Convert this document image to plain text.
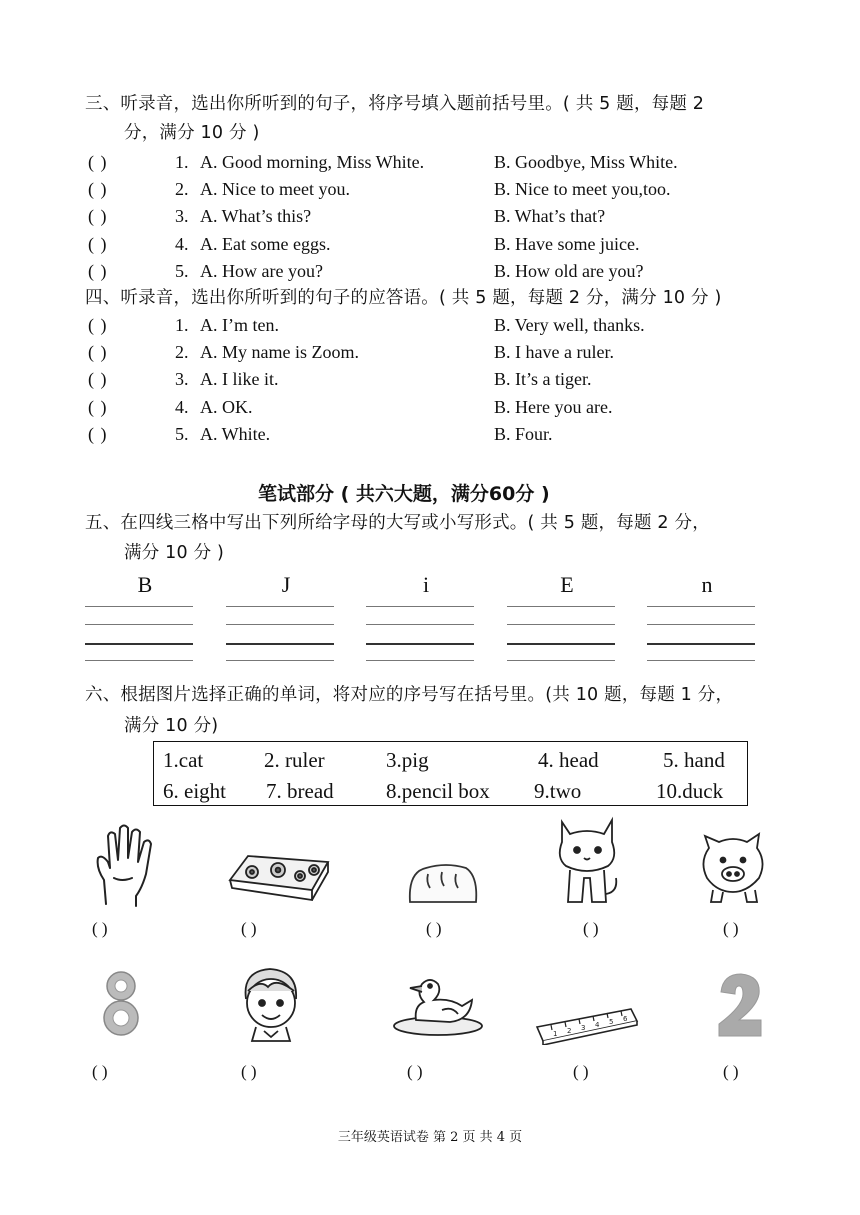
三、听录音，选出你所听到的句子，将序号填入题前括号里。( 共 5 题，每题 2
分，满分 10 分 )
( )	1. A. Good morning, Miss White.	B. Goodbye, Miss White.
( )	2. A. Nice to meet you.	B. Nice to meet you,too.
( )	3. A. What’s this?	B. What’s that?
( )	4. A. Eat some eggs.	B. Have some juice.
( )	5. A. How are you?	B. How old are you?
四、听录音，选出你所听到的句子的应答语。( 共 5 题，每题 2 分，满分 10 分 )
( )	1. A. I’m ten.	B. Very well, thanks.
( )	2. A. My name is Zoom.	B. I have a ruler.
( )	3. A. I like it.	B. It’s a tiger.
( )	4. A. OK.	B. Here you are.
( )	5. A. White.	B. Four.
笔试部分 ( 共六大题，满分60分 )
五、在四线三格中写出下列所给字母的大写或小写形式。( 共 5 题，每题 2 分，
满分 10 分 )
B	J	i	E	n
六、根据图片选择正确的单词，将对应的序号写在括号里。(共 10 题，每题 1 分，
满分 10 分)
1.cat	2. ruler	3.pig	4. head	5. hand
6. eight 7. bread 8.pencil box 9.two	10.duck
1 2 3 4 5 6
( )	( )	( )	( )	( )
( )	( )	( )	( )	( )
三年级英语试卷 第 2 页 共 4 页
